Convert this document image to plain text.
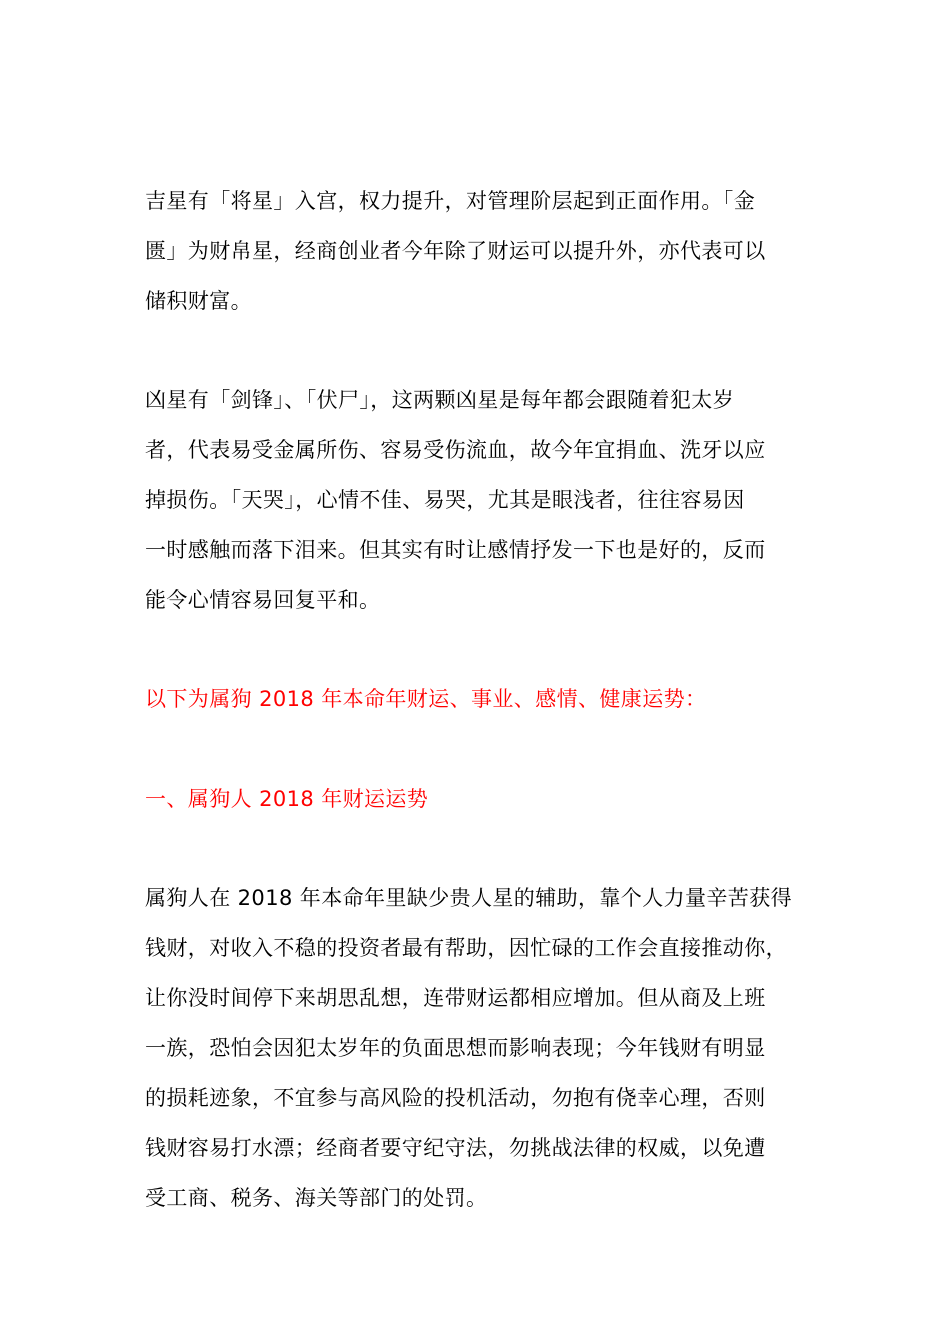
吉星有「将星」入宫，权力提升，对管理阶层起到正面作用。「金
匮」为财帛星，经商创业者今年除了财运可以提升外，亦代表可以
储积财富。
凶星有「剑锋」、「伏尸」，这两颗凶星是每年都会跟随着犯太岁
者，代表易受金属所伤、容易受伤流血，故今年宜捐血、洗牙以应
掉损伤。「天哭」，心情不佳、易哭，尤其是眼浅者，往往容易因
一时感触而落下泪来。但其实有时让感情抒发一下也是好的，反而
能令心情容易回复平和。
以下为属狗 2018 年本命年财运、事业、感情、健康运势：
一、属狗人 2018 年财运运势
属狗人在 2018 年本命年里缺少贵人星的辅助，靠个人力量辛苦获得
钱财，对收入不稳的投资者最有帮助，因忙碌的工作会直接推动你，
让你没时间停下来胡思乱想，连带财运都相应增加。但从商及上班
一族，恐怕会因犯太岁年的负面思想而影响表现；今年钱财有明显
的损耗迹象，不宜参与高风险的投机活动，勿抱有侥幸心理，否则
钱财容易打水漂；经商者要守纪守法，勿挑战法律的权威，以免遭
受工商、税务、海关等部门的处罚。
